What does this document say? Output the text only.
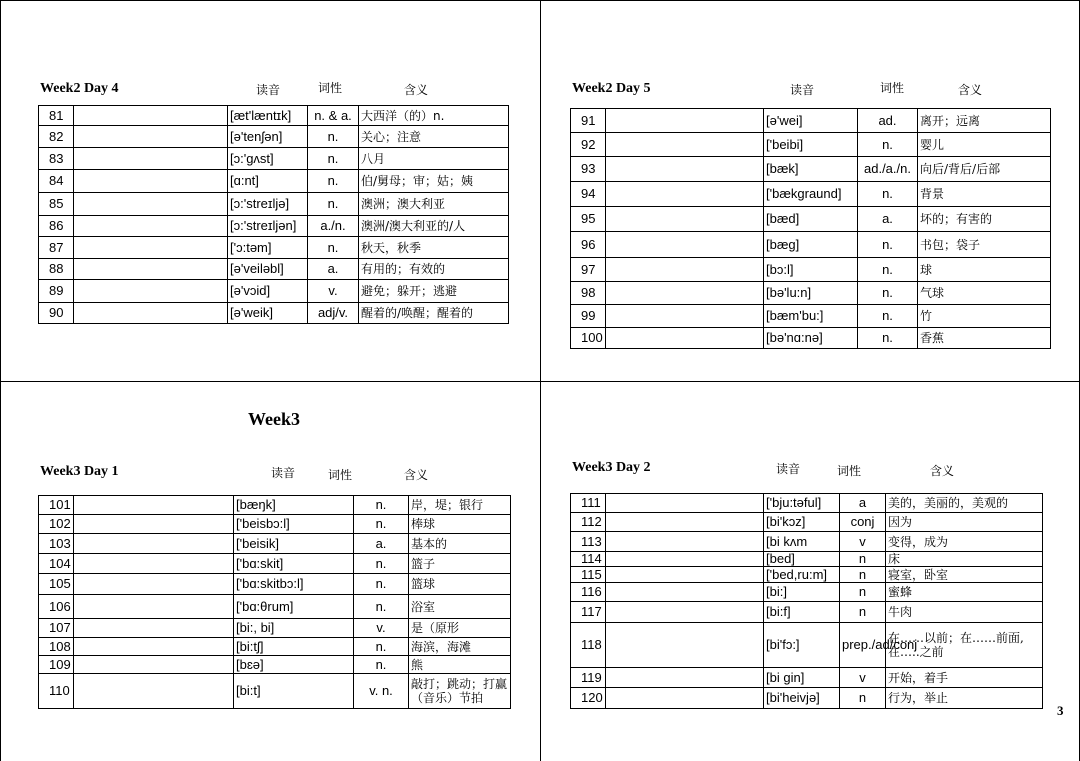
Week2 Day 4	读音	词性	含义
81		[æt'læntɪk]	n. & a.	大西洋（的）n.
82		[ə'tenʃən]	n.	关心；注意
83		[ɔ:'gʌst]	n.	八月
84		[ɑ:nt]	n.	伯/舅母；审；姑；姨
85		[ɔ:'streɪljə]	n.	澳洲；澳大利亚
86		[ɔ:'streɪljən]	a./n.	澳洲/澳大利亚的/人
87		['ɔ:təm]	n.	秋天，秋季
88		[ə'veiləbl]	a.	有用的；有效的
89		[ə'vɔid]	v.	避免；躲开；逃避
90		[ə'weik]	adj/v.	醒着的/唤醒；醒着的
Week2 Day 5	读音	词性	含义
91		[ə'wei]	ad.	离开；远离
92		['beibi]	n.	婴儿
93		[bæk]	ad./a./n.	向后/背后/后部
94		['bækgraund]	n.	背景
95		[bæd]	a.	坏的；有害的
96		[bæg]	n.	书包；袋子
97		[bɔ:l]	n.	球
98		[bə'lu:n]	n.	气球
99		[bæm'bu:]	n.	竹
100		[bə'nɑ:nə]	n.	香蕉
Week3
Week3 Day 1	读音	词性	含义
101		[bæŋk]	n.	岸，堤；银行
102		['beisbɔ:l]	n.	棒球
103		['beisik]	a.	基本的
104		['bɑ:skit]	n.	篮子
105		['bɑ:skitbɔ:l]	n.	篮球
106		['bɑ:θrum]	n.	浴室
107		[bi:, bi]	v.	是（原形
108		[bi:tʃ]	n.	海滨，海滩
109		[bɛə]	n.	熊
110		[bi:t]	v. n.	敲打；跳动；打赢（音乐）节拍
Week3 Day 2	读音	词性	含义
111		['bju:təful]	a	美的，美丽的，美观的
112		[bi'kɔz]	conj	因为
113		[bi kʌm	v	变得，成为
114		[bed]	n	床
115		['bed,ru:m]	n	寝室，卧室
116		[bi:]	n	蜜蜂
117		[bi:f]	n	牛肉
118		[bi'fɔ:]	prep./ad/conj	在……以前；在……前面,在…..之前
119		[bi gin]	v	开始，着手
120		[bi'heivjə]	n	行为，举止
3
